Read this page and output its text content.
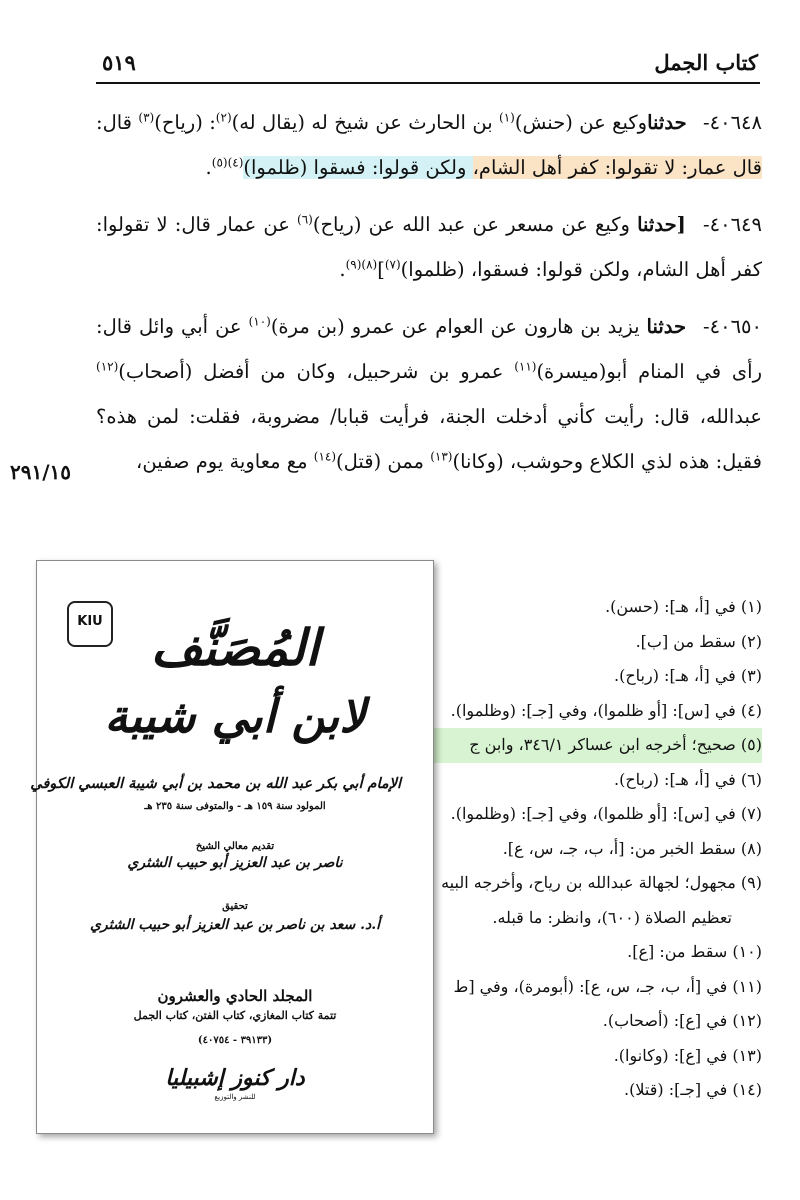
كتاب الجمل
٥١٩
٢٩١/١٥

٤٠٦٤٨- حدثناوكيع عن (حنش)$^{(١)}$ بن الحارث عن شيخ له (يقال له)$^{(٢)}$: (رياح)$^{(٣)}$ قال: قال عمار: لا تقولوا: كفر أهل الشام، ولكن قولوا: فسقوا (ظلموا)$^{(٤)(٥)}$.

٤٠٦٤٩- [حدثنا وكيع عن مسعر عن عبد الله عن (رياح)$^{(٦)}$ عن عمار قال: لا تقولوا: كفر أهل الشام، ولكن قولوا: فسقوا، (ظلموا)$^{(٧)}$]$^{(٨)(٩)}$.

٤٠٦٥٠- حدثنا يزيد بن هارون عن العوام عن عمرو (بن مرة)$^{(١٠)}$ عن أبي وائل قال: رأى في المنام أبو(ميسرة)$^{(١١)}$ عمرو بن شرحبيل، وكان من أفضل (أصحاب)$^{(١٢)}$ عبدالله، قال: رأيت كأني أدخلت الجنة، فرأيت قبابا/ مضروبة، فقلت: لمن هذه؟ فقيل: هذه لذي الكلاع وحوشب، (وكانا)$^{(١٣)}$ ممن (قتل)$^{(١٤)}$ مع معاوية يوم صفين،

(١) في [أ، هـ]: (حسن).
(٢) سقط من [ب].
(٣) في [أ، هـ]: (رباح).
(٤) في [س]: [أو ظلموا)، وفي [جـ]: (وظلموا).
(٥) صحيح؛ أخرجه ابن عساكر ٣٤٦/١، وابن ج
(٦) في [أ، هـ]: (رباح).
(٧) في [س]: [أو ظلموا)، وفي [جـ]: (وظلموا).
(٨) سقط الخبر من: [أ، ب، جـ، س، ع].
(٩) مجهول؛ لجهالة عبدالله بن رياح، وأخرجه البيه
تعظيم الصلاة (٦٠٠)، وانظر: ما قبله.
(١٠) سقط من: [ع].
(١١) في [أ، ب، جـ، س، ع]: (أبومرة)، وفي [ط
(١٢) في [ع]: (أصحاب).
(١٣) في [ع]: (وكانوا).
(١٤) في [جـ]: (قتلا).
KIU المُصَنَّف
لابن أبي شيبة
الإمام أبي بكر عبد الله بن محمد بن أبي شيبة العبسي الكوفي
المولود سنة ١٥٩ هـ - والمتوفى سنة ٢٣٥ هـ
تقديم معالي الشيخ
ناصر بن عبد العزيز أبو حبيب الشثري
تحقيق
أ.د. سعد بن ناصر بن عبد العزيز أبو حبيب الشثري
المجلد الحادي والعشرون
تتمة كتاب المغازي، كتاب الفتن، كتاب الجمل
(٣٩١٣٣ - ٤٠٧٥٤)
دار كنوز إشبيليا
للنشر والتوزيع
